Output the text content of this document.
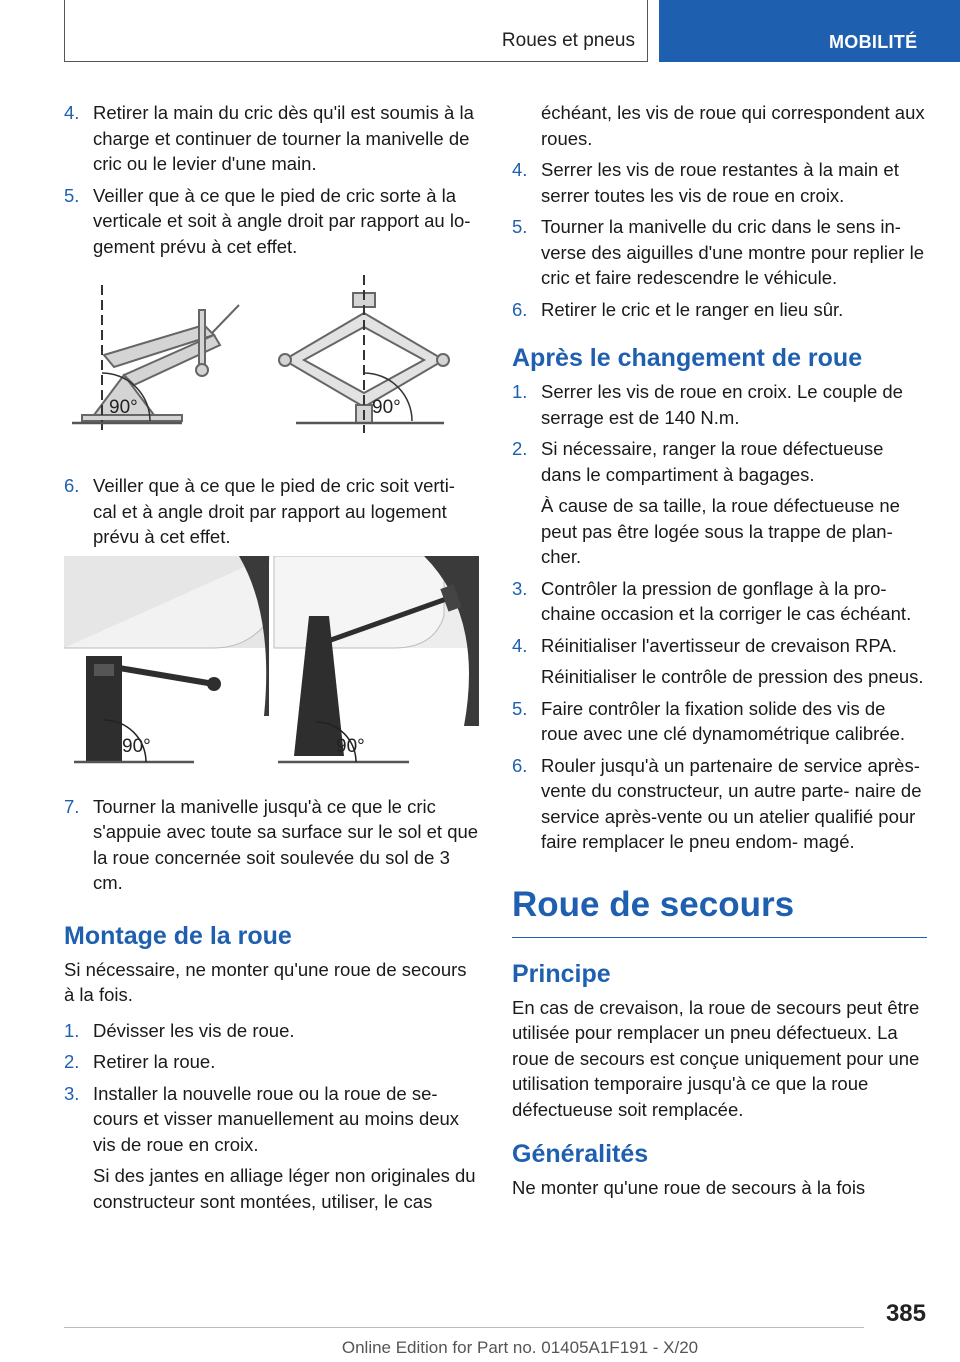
Roues et pneus	MOBILITÉ
4. Retirer la main du cric dès qu'il est soumis à la charge et continuer de tourner la manivelle de cric ou le levier d'une main.
5. Veiller que à ce que le pied de cric sorte à la verticale et soit à angle droit par rapport au lo- gement prévu à cet effet.
90°	90°
6. Veiller que à ce que le pied de cric soit verti- cal et à angle droit par rapport au logement prévu à cet effet.
90°	90°
7. Tourner la manivelle jusqu'à ce que le cric s'appuie avec toute sa surface sur le sol et que la roue concernée soit soulevée du sol de 3 cm.
Montage de la roue

Si nécessaire, ne monter qu'une roue de secours à la fois.

1. Dévisser les vis de roue.
2. Retirer la roue.
3. Installer la nouvelle roue ou la roue de se- cours et visser manuellement au moins deux vis de roue en croix.

Si des jantes en alliage léger non originales du constructeur sont montées, utiliser, le cas

échéant, les vis de roue qui correspondent aux roues.

4. Serrer les vis de roue restantes à la main et serrer toutes les vis de roue en croix.
5. Tourner la manivelle du cric dans le sens in- verse des aiguilles d'une montre pour replier le cric et faire redescendre le véhicule.
6. Retirer le cric et le ranger en lieu sûr.
Après le changement de roue
1. Serrer les vis de roue en croix. Le couple de serrage est de 140 N.m.
2. Si nécessaire, ranger la roue défectueuse dans le compartiment à bagages.

À cause de sa taille, la roue défectueuse ne peut pas être logée sous la trappe de plan- cher.

3. Contrôler la pression de gonflage à la pro- chaine occasion et la corriger le cas échéant.
4. Réinitialiser l'avertisseur de crevaison RPA.

Réinitialiser le contrôle de pression des pneus.

5. Faire contrôler la fixation solide des vis de roue avec une clé dynamométrique calibrée.
6. Rouler jusqu'à un partenaire de service après-vente du constructeur, un autre parte- naire de service après-vente ou un atelier qualifié pour faire remplacer le pneu endom- magé.
Roue de secours
Principe

En cas de crevaison, la roue de secours peut être utilisée pour remplacer un pneu défectueux. La roue de secours est conçue uniquement pour une utilisation temporaire jusqu'à ce que la roue défectueuse soit remplacée.

Généralités

Ne monter qu'une roue de secours à la fois

385
Online Edition for Part no. 01405A1F191 - X/20
